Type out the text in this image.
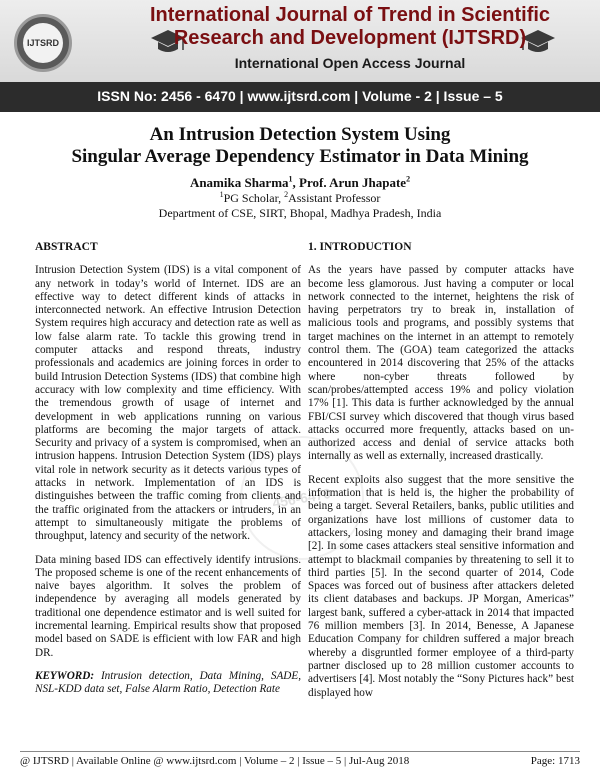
IJTSRD
International Journal of Trend in Scientific
Research and Development (IJTSRD)
International Open Access Journal
ISSN No: 2456 - 6470 | www.ijtsrd.com | Volume - 2 | Issue – 5
An Intrusion Detection System Using
Singular Average Dependency Estimator in Data Mining
Anamika Sharma$^1$, Prof. Arun Jhapate$^2$
$^1$PG Scholar, $^2$Assistant Professor
Department of CSE, SIRT, Bhopal, Madhya Pradesh, India
456-6470

ABSTRACT

Intrusion Detection System (IDS) is a vital component of any network in today’s world of Internet. IDS are an effective way to detect different kinds of attacks in interconnected network. An effective Intrusion Detection System requires high accuracy and detection rate as well as low false alarm rate. To tackle this growing trend in computer attacks and respond threats, industry professionals and academics are joining forces in order to build Intrusion Detection Systems (IDS) that combine high accuracy with low complexity and time efficiency. With the tremendous growth of usage of internet and development in web applications running on various platforms are becoming the major targets of attack. Security and privacy of a system is compromised, when an intrusion happens. Intrusion Detection System (IDS) plays vital role in network security as it detects various types of attacks in network. Implementation of an IDS is distinguishes between the traffic coming from clients and the traffic originated from the attackers or intruders, in an attempt to simultaneously mitigate the problems of throughput, latency and security of the network.

Data mining based IDS can effectively identify intrusions. The proposed scheme is one of the recent enhancements of naive bayes algorithm. It solves the problem of independence by averaging all models generated by traditional one dependence estimator and is well suited for incremental learning. Empirical results show that proposed model based on SADE is efficient with low FAR and high DR.

KEYWORD: Intrusion detection, Data Mining, SADE, NSL-KDD data set, False Alarm Ratio, Detection Rate

1. INTRODUCTION

As the years have passed by computer attacks have become less glamorous. Just having a computer or local network connected to the internet, heightens the risk of having perpetrators try to break in, installation of malicious tools and programs, and possibly systems that target machines on the internet in an attempt to remotely control them. The (GOA) team categorized the attacks encountered in 2014 discovering that 25% of the attacks where non-cyber threats followed by scan/probes/attempted access 19% and policy violation 17% [1]. This data is further acknowledged by the annual FBI/CSI survey which discovered that though virus based attacks occurred more frequently, attacks based on un-authorized access and denial of service attacks both internally as well as externally, increased drastically.

Recent exploits also suggest that the more sensitive the information that is held is, the higher the probability of being a target. Several Retailers, banks, public utilities and organizations have lost millions of customer data to attackers, losing money and damaging their brand image [2]. In some cases attackers steal sensitive information and attempt to blackmail companies by threatening to sell it to third parties [5]. In the second quarter of 2014, Code Spaces was forced out of business after attackers deleted its client databases and backups. JP Morgan, Americas” largest bank, suffered a cyber-attack in 2014 that impacted 76 million members [3]. In 2014, Benesse, A Japanese Education Company for children suffered a major breach whereby a disgruntled former employee of a third-party partner disclosed up to 28 million customer accounts to advertisers [4]. Most notably the “Sony Pictures hack” best displayed how

@ IJTSRD | Available Online @ www.ijtsrd.com | Volume – 2 | Issue – 5 | Jul-Aug 2018	Page: 1713
